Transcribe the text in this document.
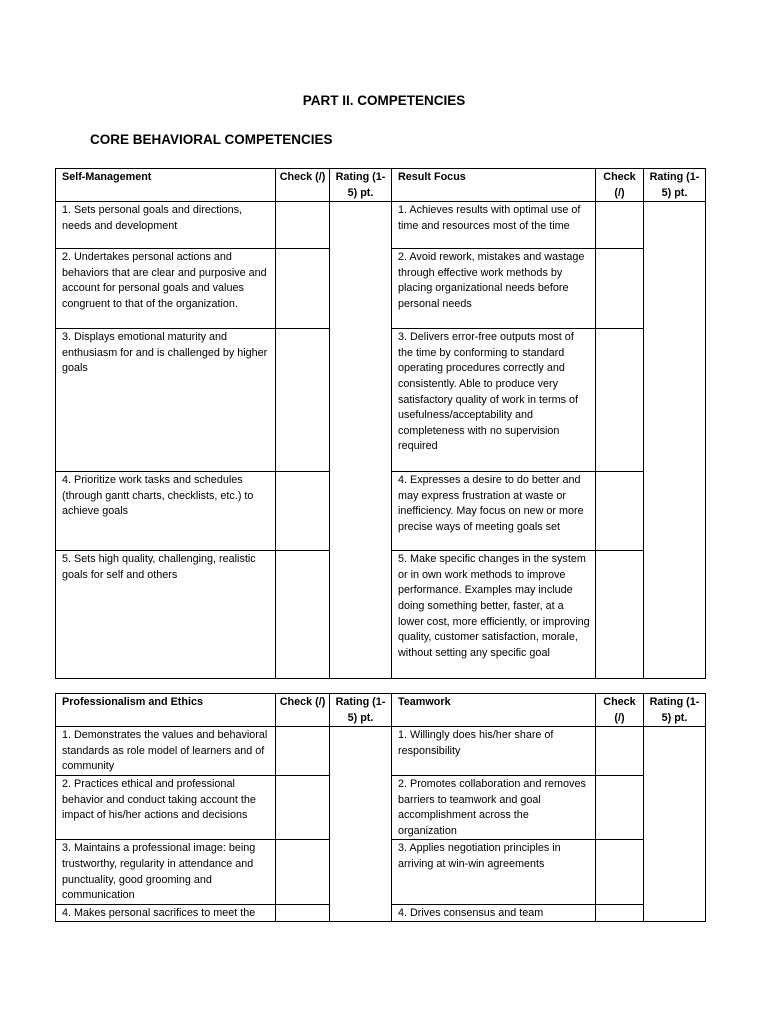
PART II. COMPETENCIES
CORE BEHAVIORAL COMPETENCIES
Self-Management	Check (/)	Rating (1-5) pt.	Result Focus	Check (/)	Rating (1-5) pt.
1. Sets personal goals and directions, needs and development			1. Achieves results with optimal use of time and resources most of the time		
2. Undertakes personal actions and behaviors that are clear and purposive and account for personal goals and values congruent to that of the organization.			2. Avoid rework, mistakes and wastage through effective work methods by placing organizational needs before personal needs		
3. Displays emotional maturity and enthusiasm for and is challenged by higher goals			3. Delivers error-free outputs most of the time by conforming to standard operating procedures correctly and consistently. Able to produce very satisfactory quality of work in terms of usefulness/acceptability and completeness with no supervision required		
4. Prioritize work tasks and schedules (through gantt charts, checklists, etc.) to achieve goals			4. Expresses a desire to do better and may express frustration at waste or inefficiency. May focus on new or more precise ways of meeting goals set		
5. Sets high quality, challenging, realistic goals for self and others			5. Make specific changes in the system or in own work methods to improve performance. Examples may include doing something better, faster, at a lower cost, more efficiently, or improving quality, customer satisfaction, morale, without setting any specific goal		
Professionalism and Ethics	Check (/)	Rating (1-5) pt.	Teamwork	Check (/)	Rating (1-5) pt.
1. Demonstrates the values and behavioral standards as role model of learners and of community			1. Willingly does his/her share of responsibility		
2. Practices ethical and professional behavior and conduct taking account the impact of his/her actions and decisions			2. Promotes collaboration and removes barriers to teamwork and goal accomplishment across the organization		
3. Maintains a professional image: being trustworthy, regularity in attendance and punctuality, good grooming and communication			3. Applies negotiation principles in arriving at win-win agreements		
4. Makes personal sacrifices to meet the			4. Drives consensus and team		
